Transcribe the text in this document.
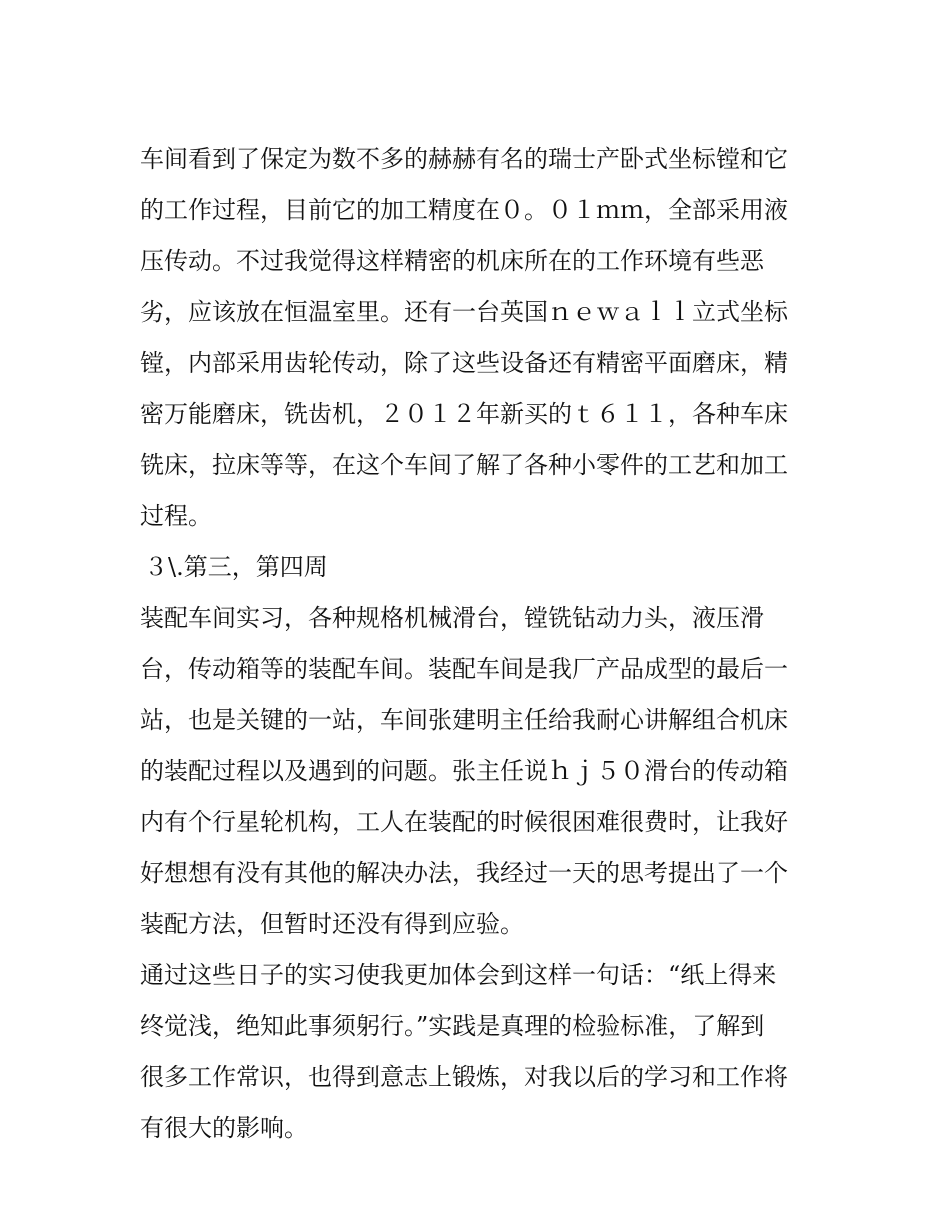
车间看到了保定为数不多的赫赫有名的瑞士产卧式坐标镗和它
的工作过程，目前它的加工精度在０。０１ｍｍ，全部采用液
压传动。不过我觉得这样精密的机床所在的工作环境有些恶
劣，应该放在恒温室里。还有一台英国ｎｅｗａｌｌ立式坐标
镗，内部采用齿轮传动，除了这些设备还有精密平面磨床，精
密万能磨床，铣齿机，２０１２年新买的ｔ６１１，各种车床
铣床，拉床等等，在这个车间了解了各种小零件的工艺和加工
过程。
３\.第三，第四周
装配车间实习，各种规格机械滑台，镗铣钻动力头，液压滑
台，传动箱等的装配车间。装配车间是我厂产品成型的最后一
站，也是关键的一站，车间张建明主任给我耐心讲解组合机床
的装配过程以及遇到的问题。张主任说ｈｊ５０滑台的传动箱
内有个行星轮机构，工人在装配的时候很困难很费时，让我好
好想想有没有其他的解决办法，我经过一天的思考提出了一个
装配方法，但暂时还没有得到应验。
通过这些日子的实习使我更加体会到这样一句话：“纸上得来
终觉浅，绝知此事须躬行。”实践是真理的检验标准，了解到
很多工作常识，也得到意志上锻炼，对我以后的学习和工作将
有很大的影响。
